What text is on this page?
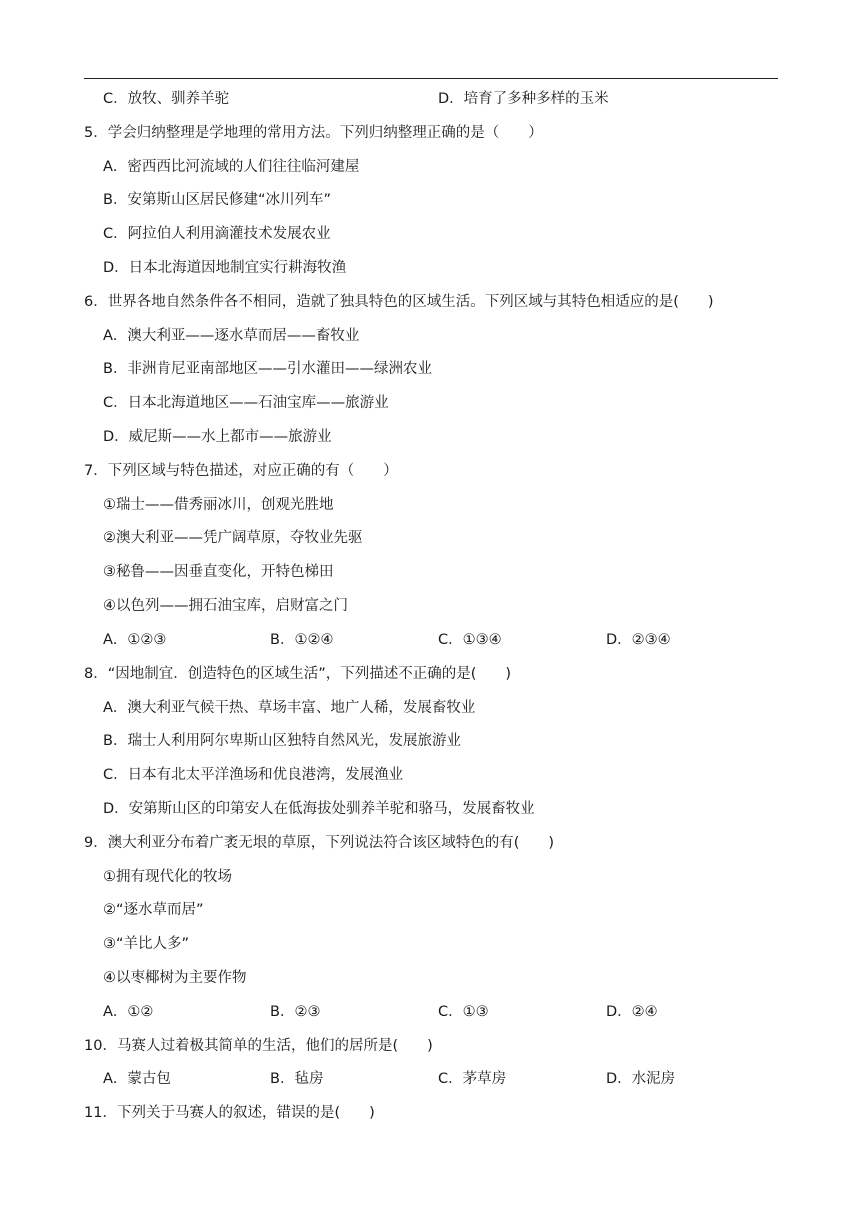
C．放牧、驯养羊驼	D．培育了多种多样的玉米
5．学会归纳整理是学地理的常用方法。下列归纳整理正确的是（　　）
A．密西西比河流域的人们往往临河建屋
B．安第斯山区居民修建“冰川列车”
C．阿拉伯人利用滴灌技术发展农业
D．日本北海道因地制宜实行耕海牧渔
6．世界各地自然条件各不相同，造就了独具特色的区域生活。下列区域与其特色相适应的是(　　)
A．澳大利亚——逐水草而居——畜牧业
B．非洲肯尼亚南部地区——引水灌田——绿洲农业
C．日本北海道地区——石油宝库——旅游业
D．威尼斯——水上都市——旅游业
7．下列区域与特色描述，对应正确的有（　　）
①瑞士——借秀丽冰川，创观光胜地
②澳大利亚——凭广阔草原，夺牧业先驱
③秘鲁——因垂直变化，开特色梯田
④以色列——拥石油宝库，启财富之门
A．①②③	B．①②④	C．①③④	D．②③④
8．“因地制宜．创造特色的区域生活”，下列描述不正确的是(　　)
A．澳大利亚气候干热、草场丰富、地广人稀，发展畜牧业
B．瑞士人利用阿尔卑斯山区独特自然风光，发展旅游业
C．日本有北太平洋渔场和优良港湾，发展渔业
D．安第斯山区的印第安人在低海拔处驯养羊驼和骆马，发展畜牧业
9．澳大利亚分布着广袤无垠的草原，下列说法符合该区域特色的有(　　)
①拥有现代化的牧场
②“逐水草而居”
③“羊比人多”
④以枣椰树为主要作物
A．①②	B．②③	C．①③	D．②④
10．马赛人过着极其简单的生活，他们的居所是(　　)
A．蒙古包	B．毡房	C．茅草房	D．水泥房
11．下列关于马赛人的叙述，错误的是(　　)
